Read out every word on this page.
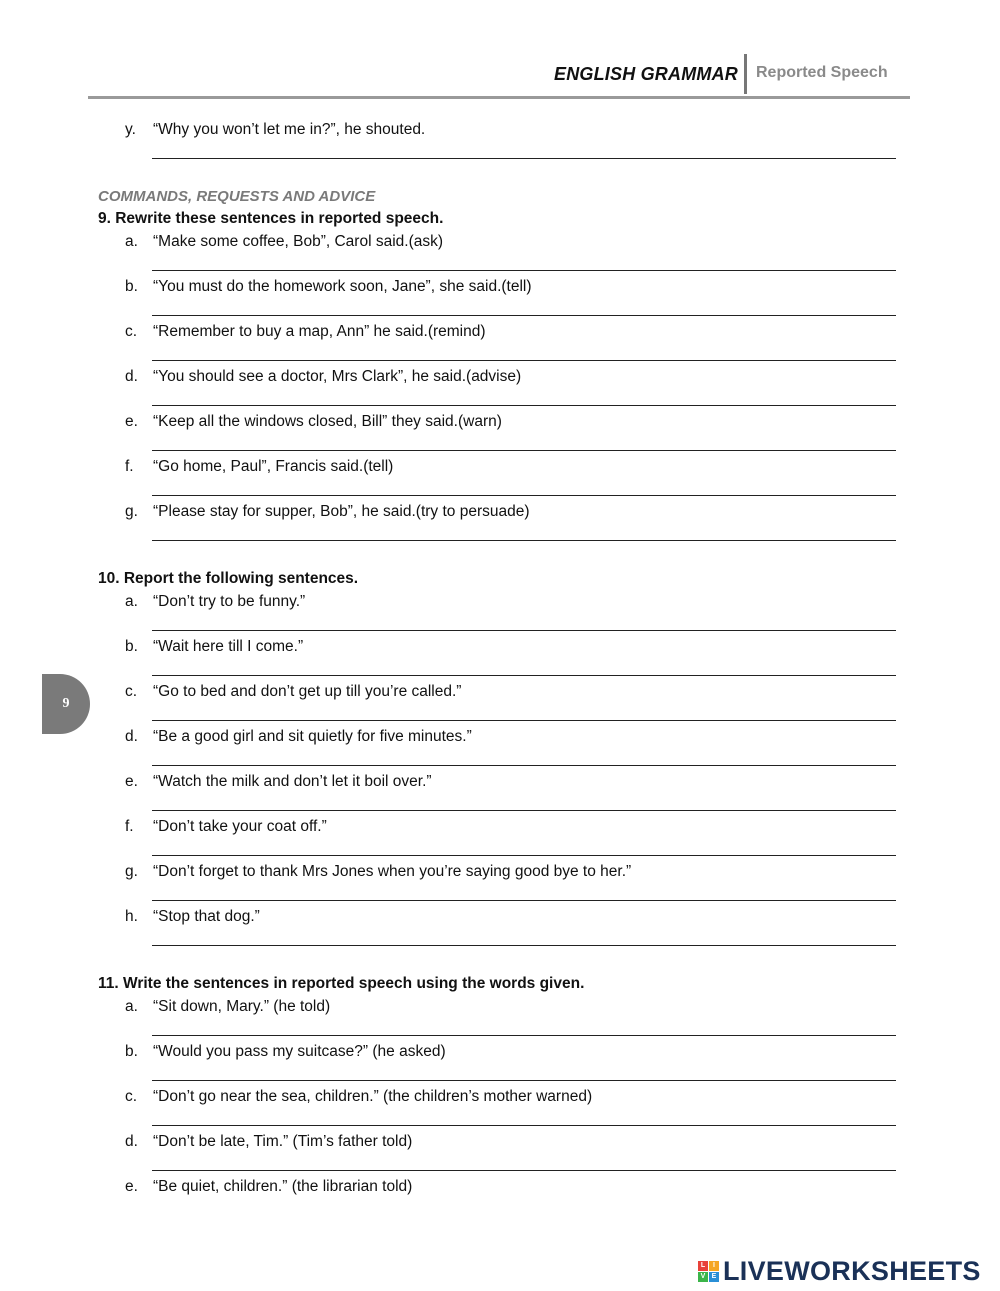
ENGLISH GRAMMAR Reported Speech
y. “Why you won’t let me in?”, he shouted.
COMMANDS, REQUESTS AND ADVICE
9. Rewrite these sentences in reported speech.
a. “Make some coffee, Bob”, Carol said.(ask)
b. “You must do the homework soon, Jane”, she said.(tell)
c. “Remember to buy a map, Ann” he said.(remind)
d. “You should see a doctor, Mrs Clark”, he said.(advise)
e. “Keep all the windows closed, Bill” they said.(warn)
f. “Go home, Paul”, Francis said.(tell)
g. “Please stay for supper, Bob”, he said.(try to persuade)
10. Report the following sentences.
a. “Don’t try to be funny.”
b. “Wait here till I come.”
c. “Go to bed and don’t get up till you’re called.”
d. “Be a good girl and sit quietly for five minutes.”
e. “Watch the milk and don’t let it boil over.”
f. “Don’t take your coat off.”
g. “Don’t forget to thank Mrs Jones when you’re saying good bye to her.”
h. “Stop that dog.”
11. Write the sentences in reported speech using the words given.
a. “Sit down, Mary.” (he told)
b. “Would you pass my suitcase?” (he asked)
c. “Don’t go near the sea, children.” (the children’s mother warned)
d. “Don’t be late, Tim.” (Tim’s father told)
e. “Be quiet, children.” (the librarian told)
9
L	I
V E LIVEWORKSHEETS
